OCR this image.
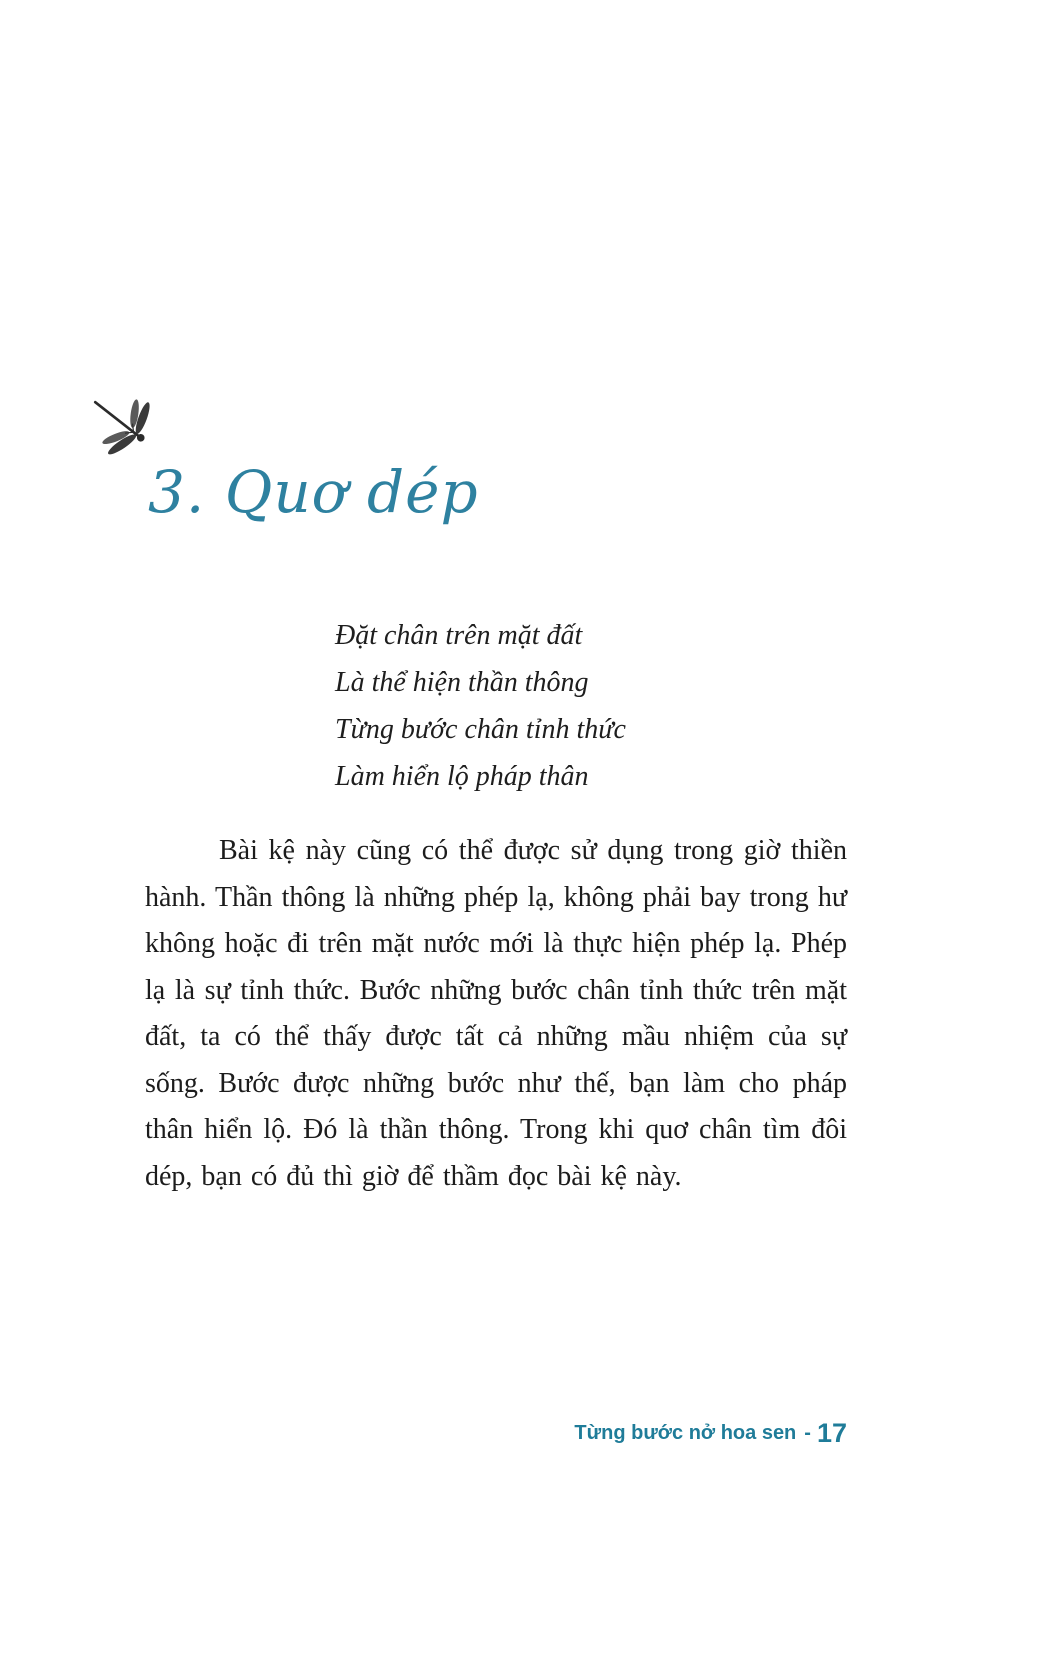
3. Quơ dép
Đặt chân trên mặt đất
Là thể hiện thần thông
Từng bước chân tỉnh thức
Làm hiển lộ pháp thân

Bài kệ này cũng có thể được sử dụng trong giờ thiền hành. Thần thông là những phép lạ, không phải bay trong hư không hoặc đi trên mặt nước mới là thực hiện phép lạ. Phép lạ là sự tỉnh thức. Bước những bước chân tỉnh thức trên mặt đất, ta có thể thấy được tất cả những mầu nhiệm của sự sống. Bước được những bước như thế, bạn làm cho pháp thân hiển lộ. Đó là thần thông. Trong khi quơ chân tìm đôi dép, bạn có đủ thì giờ để thầm đọc bài kệ này.

Từng bước nở hoa sen - 17
